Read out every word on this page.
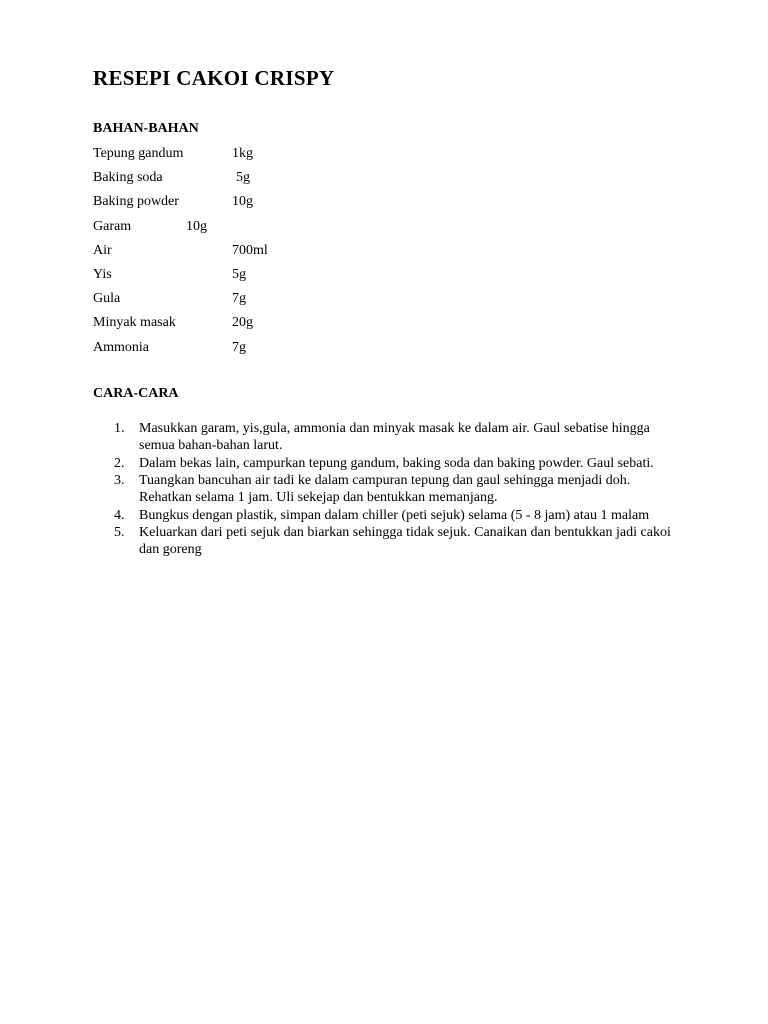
RESEPI CAKOI CRISPY
BAHAN-BAHAN
Tepung gandum	1kg
Baking soda	5g
Baking powder	10g
Garam	10g
Air	700ml
Yis	5g
Gula	7g
Minyak masak	20g
Ammonia	7g
CARA-CARA
1. Masukkan garam, yis,gula, ammonia dan minyak masak ke dalam air. Gaul sebatise hingga semua bahan-bahan larut.
2. Dalam bekas lain, campurkan tepung gandum, baking soda dan baking powder. Gaul sebati.
3. Tuangkan bancuhan air tadi ke dalam campuran tepung dan gaul sehingga menjadi doh. Rehatkan selama 1 jam. Uli sekejap dan bentukkan memanjang.
4. Bungkus dengan plastik, simpan dalam chiller (peti sejuk) selama (5 - 8 jam) atau 1 malam
5. Keluarkan dari peti sejuk dan biarkan sehingga tidak sejuk. Canaikan dan bentukkan jadi cakoi dan goreng
